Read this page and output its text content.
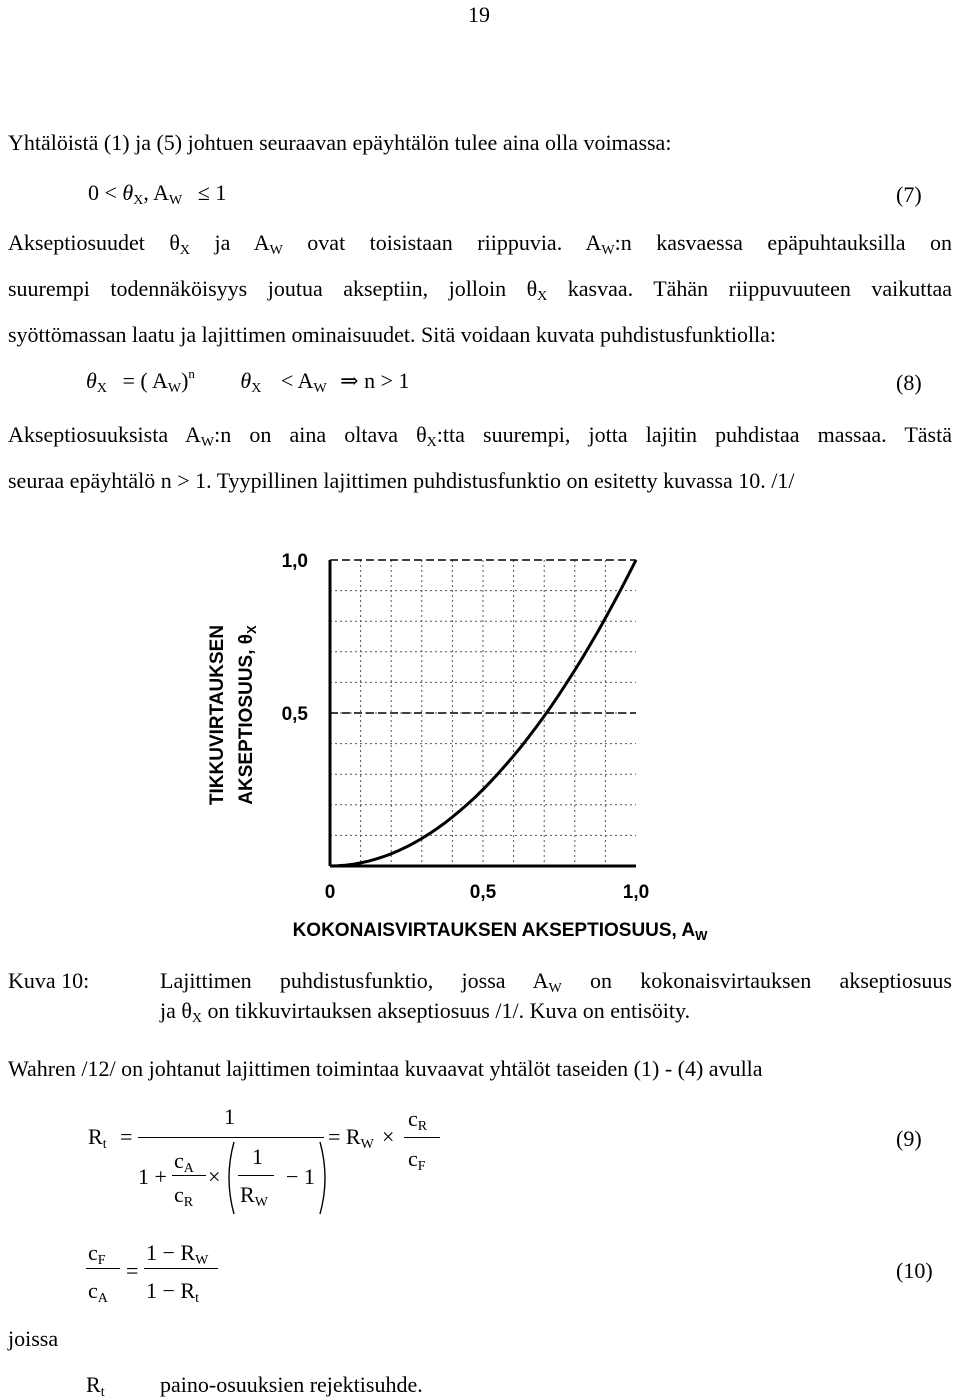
19
Yhtälöistä (1) ja (5) johtuen seuraavan epäyhtälön tulee aina olla voimassa:
$0 < \theta_X$, $A_W \le 1$	(7)
Akseptiosuudet $\theta_X$ ja $A_W$ ovat toisistaan riippuvia. $A_W:n$ kasvaessa epäpuhtauksilla on
suurempi todennäköisyys joutua akseptiin, jolloin $\theta_X$ kasvaa. Tähän riippuvuuteen vaikuttaa
syöttömassan laatu ja lajittimen ominaisuudet. Sitä voidaan kuvata puhdistusfunktiolla:
$\theta_X$ = ( $A_W)^n$ $\theta_X < A_W$ ⇒ n > 1	(8)
Akseptiosuuksista $A_W:n$ on aina oltava $\theta_X:tta$ suurempi, jotta lajitin puhdistaa massaa. Tästä
seuraa epäyhtälö n > 1. Tyypillinen lajittimen puhdistusfunktio on esitetty kuvassa 10. /1/
0,5
1,0
0	0,5	1,0
TIKKUVIRTAUKSEN AKSEPTIOSUUS, $\theta_X$
KOKONAISVIRTAUKSEN AKSEPTIOSUUS, $A_W$
Kuva 10:	Lajittimen puhdistusfunktio, jossa $A_W$ on kokonaisvirtauksen akseptiosuus
ja $\theta_X$ on tikkuvirtauksen akseptiosuus /1/. Kuva on entisöity.
Wahren /12/ on johtanut lajittimen toimintaa kuvaavat yhtälöt taseiden (1) - (4) avulla
$R_t$ =
1
1 +
$c_A$
$c_R$
×
1
$R_W$
− 1
= $R_W$ ×
$c_R$
$c_F$
(9)
$c_F$
$c_A$
=
$1 - R_W$
$1 - R_t$
(10)
joissa
$R_t$	paino-osuuksien rejektisuhde.
